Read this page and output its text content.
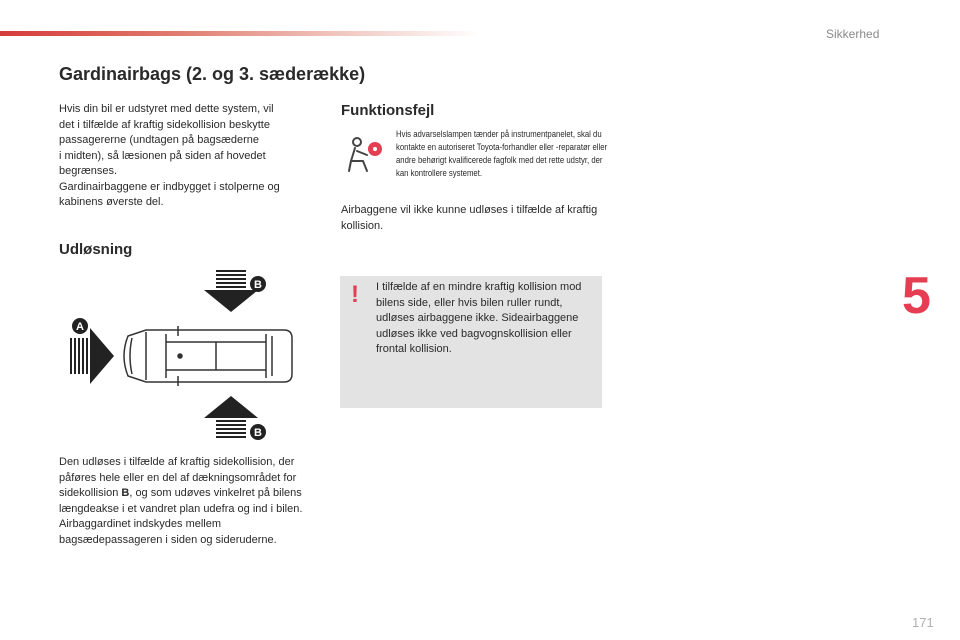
Sikkerhed
5
171
Gardinairbags (2. og 3. sæderække)
Hvis din bil er udstyret med dette system, vil
det i tilfælde af kraftig sidekollision beskytte
passagererne (undtagen på bagsæderne
i midten), så læsionen på siden af hovedet
begrænses.
Gardinairbaggene er indbygget i stolperne og
kabinens øverste del.
Udløsning
A
B
B
Den udløses i tilfælde af kraftig sidekollision, der påføres hele eller en del af dækningsområdet for sidekollision B, og som udøves vinkelret på bilens længdeakse i et vandret plan udefra og ind i bilen.
Airbaggardinet indskydes mellem bagsædepassageren i siden og sideruderne.
Funktionsfejl
Hvis advarselslampen tænder på instrumentpanelet, skal du kontakte en autoriseret Toyota-forhandler eller -reparatør eller andre behørigt kvalificerede fagfolk med det rette udstyr, der kan kontrollere systemet.
Airbaggene vil ikke kunne udløses i tilfælde af kraftig kollision.
! I tilfælde af en mindre kraftig kollision mod bilens side, eller hvis bilen ruller rundt, udløses airbaggene ikke. Sideairbaggene udløses ikke ved bagvognskollision eller frontal kollision.
